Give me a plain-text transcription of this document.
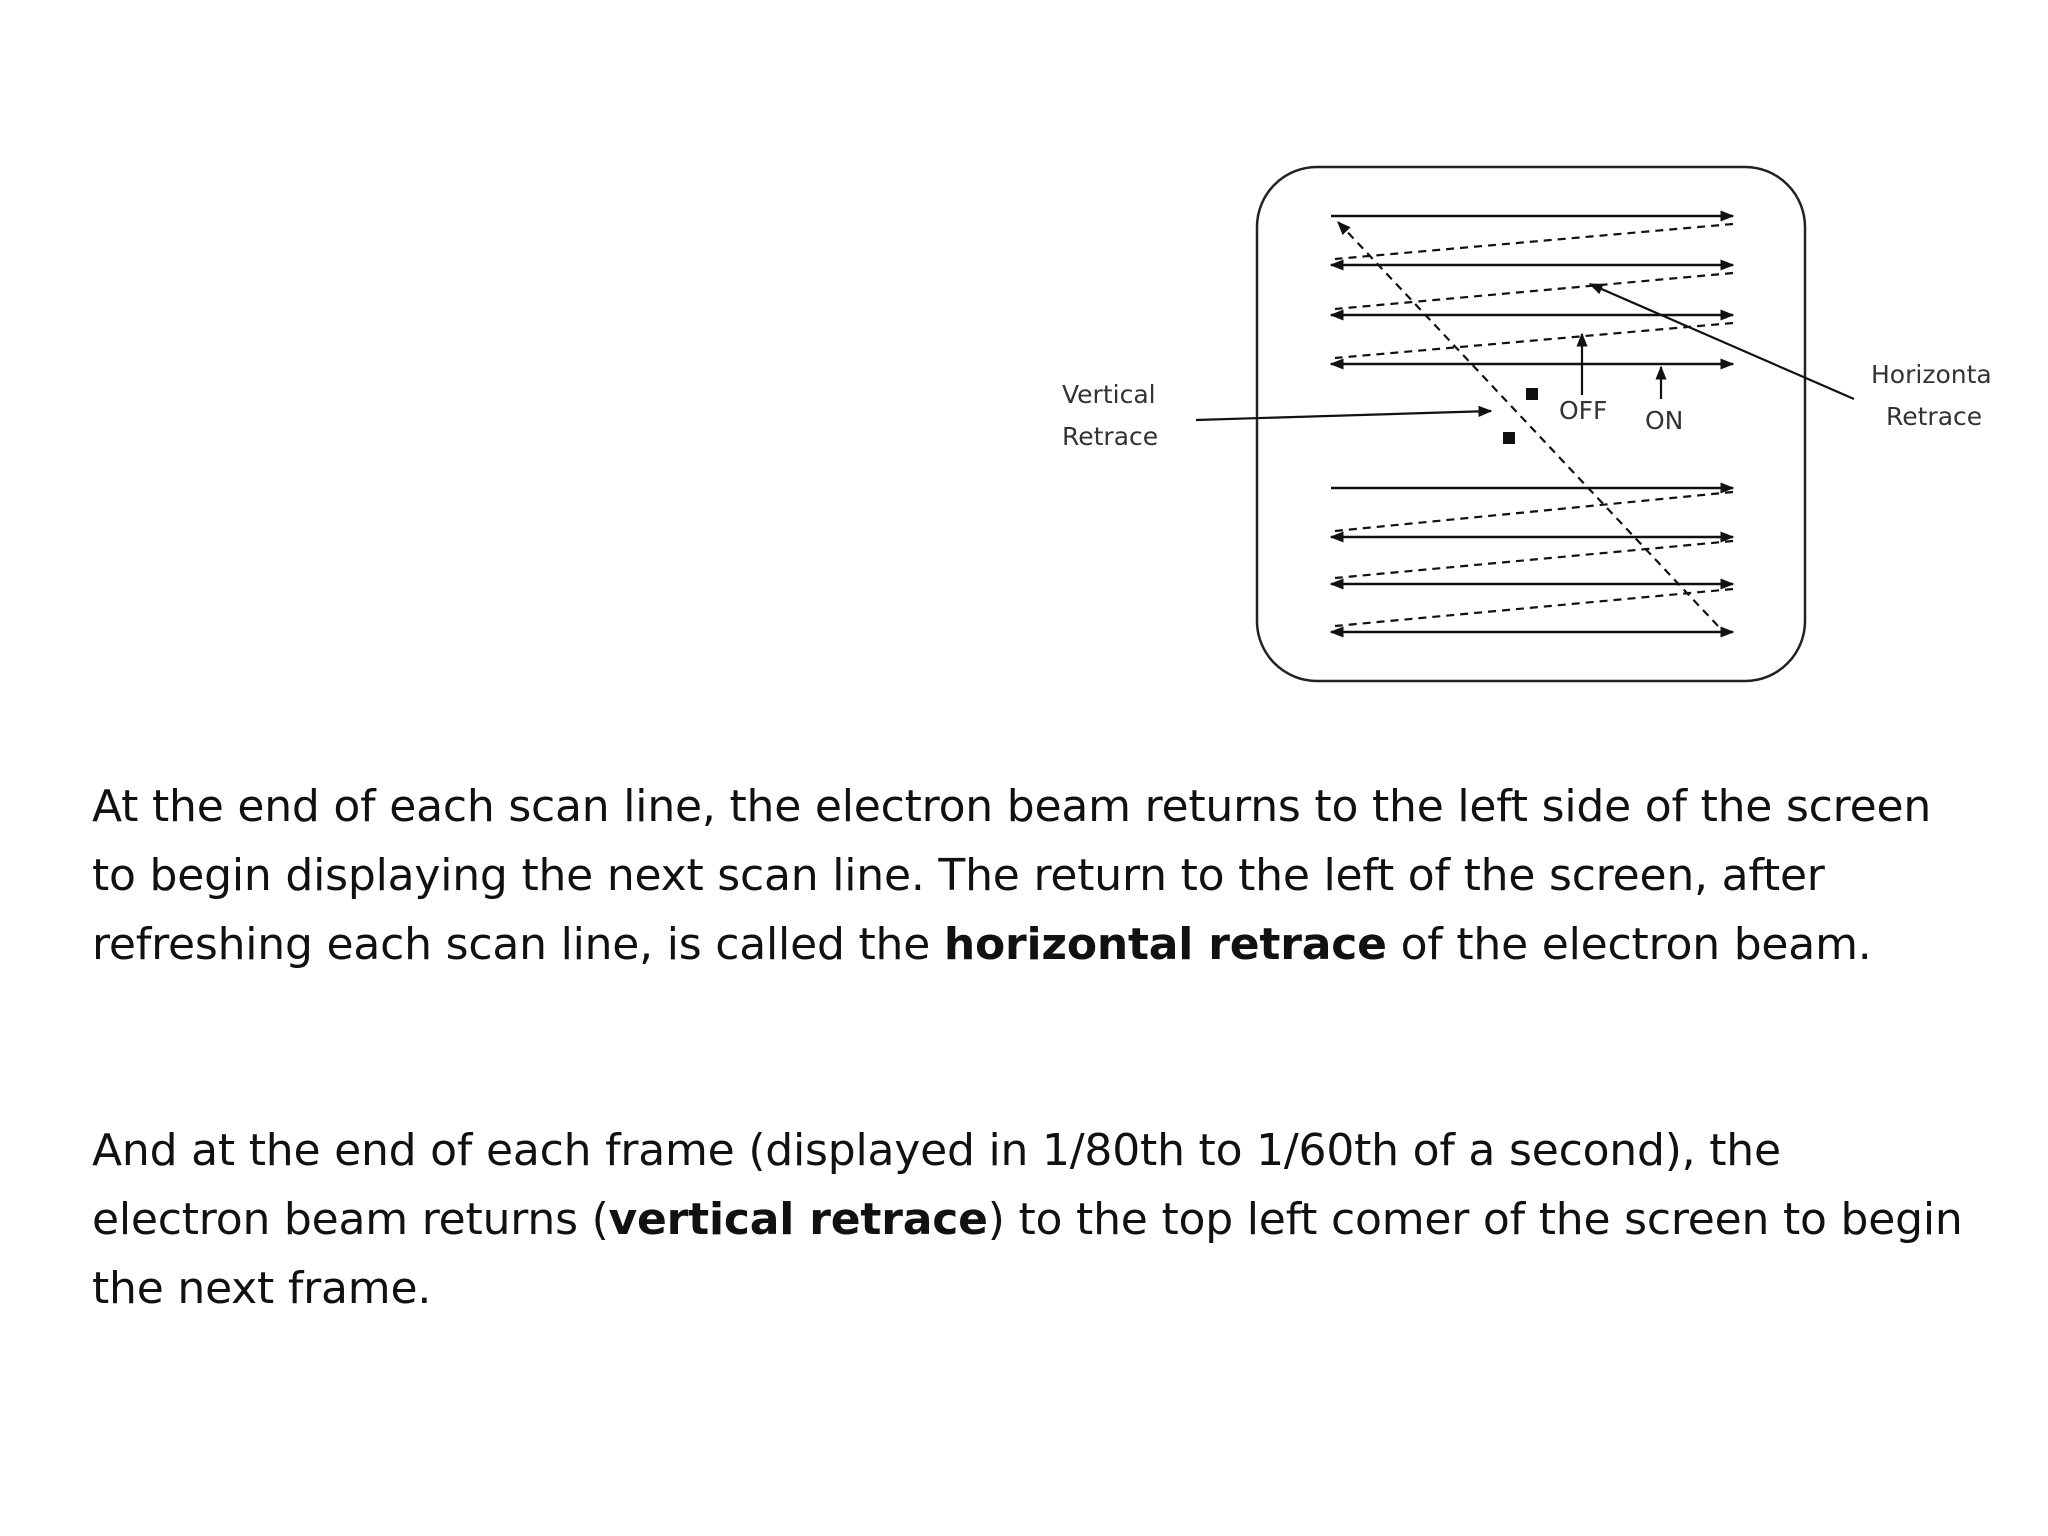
Vertical
Retrace
Horizonta
Retrace
OFF ON

At the end of each scan line, the electron beam returns to the left side of the screen to begin displaying the next scan line. The return to the left of the screen, after refreshing each scan line, is called the horizontal retrace of the electron beam.

And at the end of each frame (displayed in 1/80th to 1/60th of a second), the electron beam returns (vertical retrace) to the top left comer of the screen to begin the next frame.
